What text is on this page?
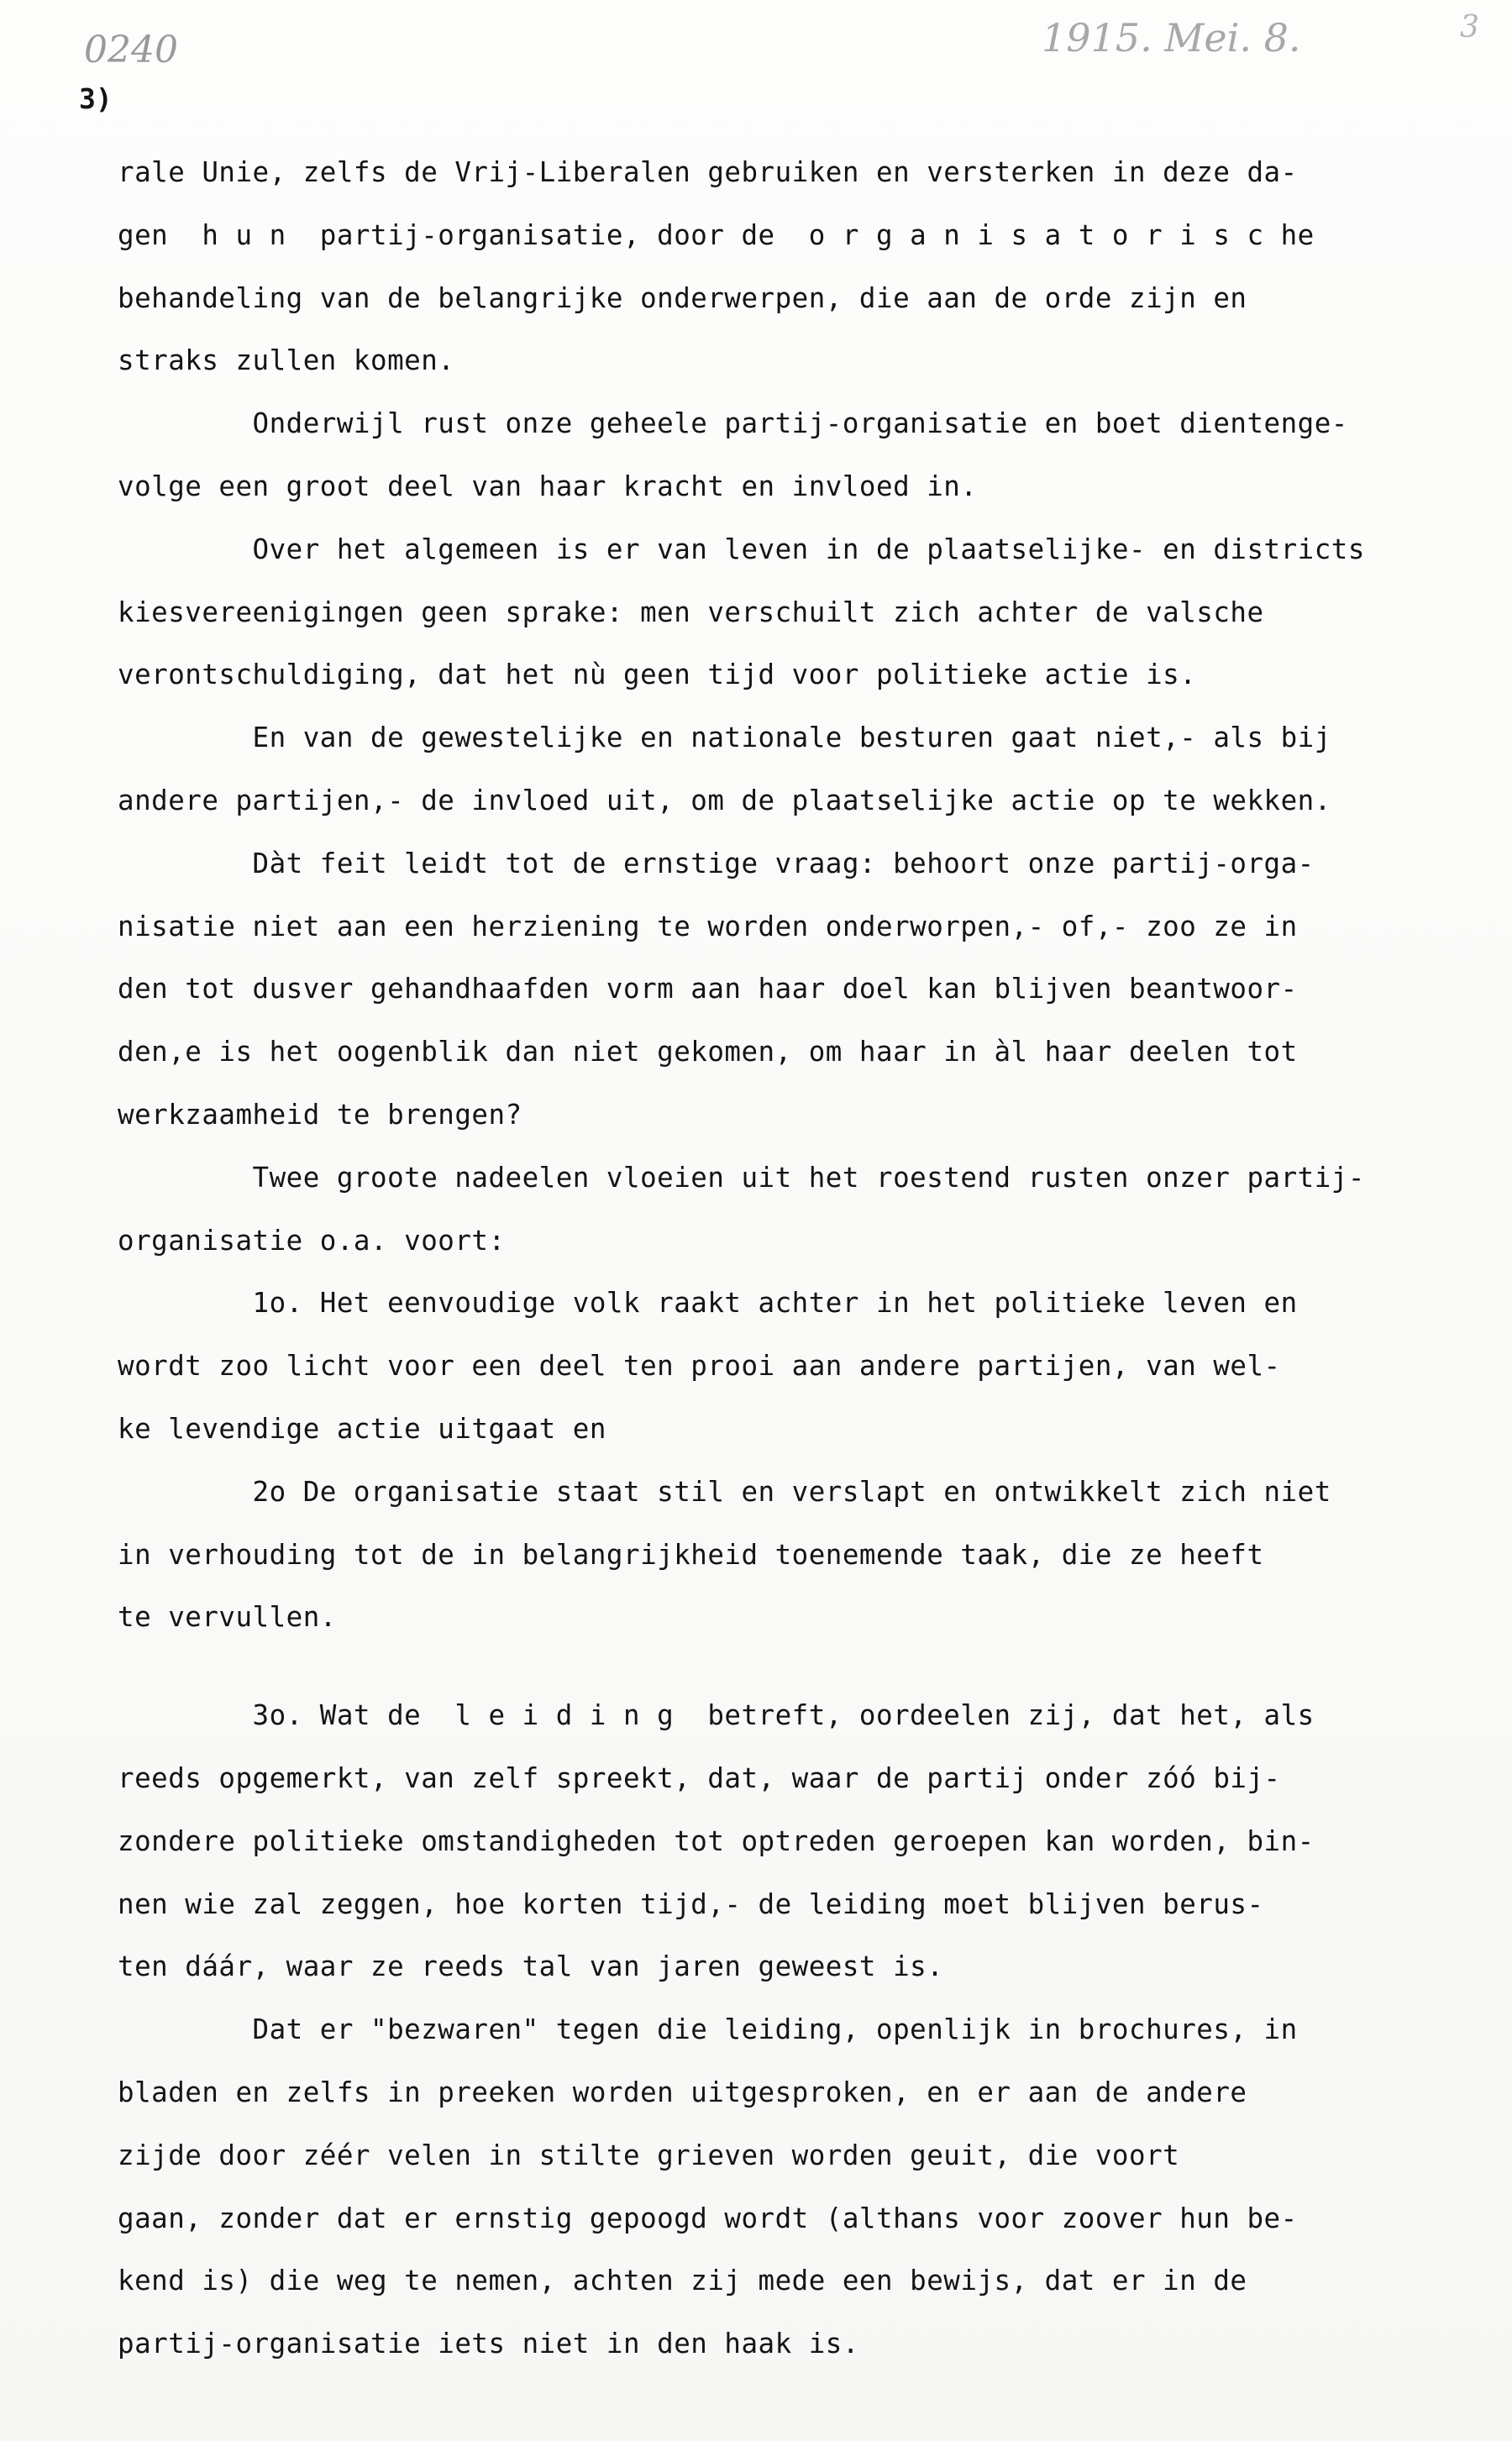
0240	1915. Mei. 8.	3
3)
rale Unie, zelfs de Vrij-Liberalen gebruiken en versterken in deze da-
gen  h u n  partij-organisatie, door de  o r g a n i s a t o r i s c he
behandeling van de belangrijke onderwerpen, die aan de orde zijn en
straks zullen komen.
Onderwijl rust onze geheele partij-organisatie en boet dientenge-
volge een groot deel van haar kracht en invloed in.
Over het algemeen is er van leven in de plaatselijke- en districts
kiesvereenigingen geen sprake: men verschuilt zich achter de valsche
verontschuldiging, dat het nù geen tijd voor politieke actie is.
En van de gewestelijke en nationale besturen gaat niet,- als bij
andere partijen,- de invloed uit, om de plaatselijke actie op te wekken.
Dàt feit leidt tot de ernstige vraag: behoort onze partij-orga-
nisatie niet aan een herziening te worden onderworpen,- of,- zoo ze in
den tot dusver gehandhaafden vorm aan haar doel kan blijven beantwoor-
den,e is het oogenblik dan niet gekomen, om haar in àl haar deelen tot
werkzaamheid te brengen?
Twee groote nadeelen vloeien uit het roestend rusten onzer partij-
organisatie o.a. voort:
1o. Het eenvoudige volk raakt achter in het politieke leven en
wordt zoo licht voor een deel ten prooi aan andere partijen, van wel-
ke levendige actie uitgaat en
2o De organisatie staat stil en verslapt en ontwikkelt zich niet
in verhouding tot de in belangrijkheid toenemende taak, die ze heeft
te vervullen.
3o. Wat de  l e i d i n g  betreft, oordeelen zij, dat het, als
reeds opgemerkt, van zelf spreekt, dat, waar de partij onder zóó bij-
zondere politieke omstandigheden tot optreden geroepen kan worden, bin-
nen wie zal zeggen, hoe korten tijd,- de leiding moet blijven berus-
ten dáár, waar ze reeds tal van jaren geweest is.
Dat er "bezwaren" tegen die leiding, openlijk in brochures, in
bladen en zelfs in preeken worden uitgesproken, en er aan de andere
zijde door zéér velen in stilte grieven worden geuit, die voort
gaan, zonder dat er ernstig gepoogd wordt (althans voor zoover hun be-
kend is) die weg te nemen, achten zij mede een bewijs, dat er in de
partij-organisatie iets niet in den haak is.
